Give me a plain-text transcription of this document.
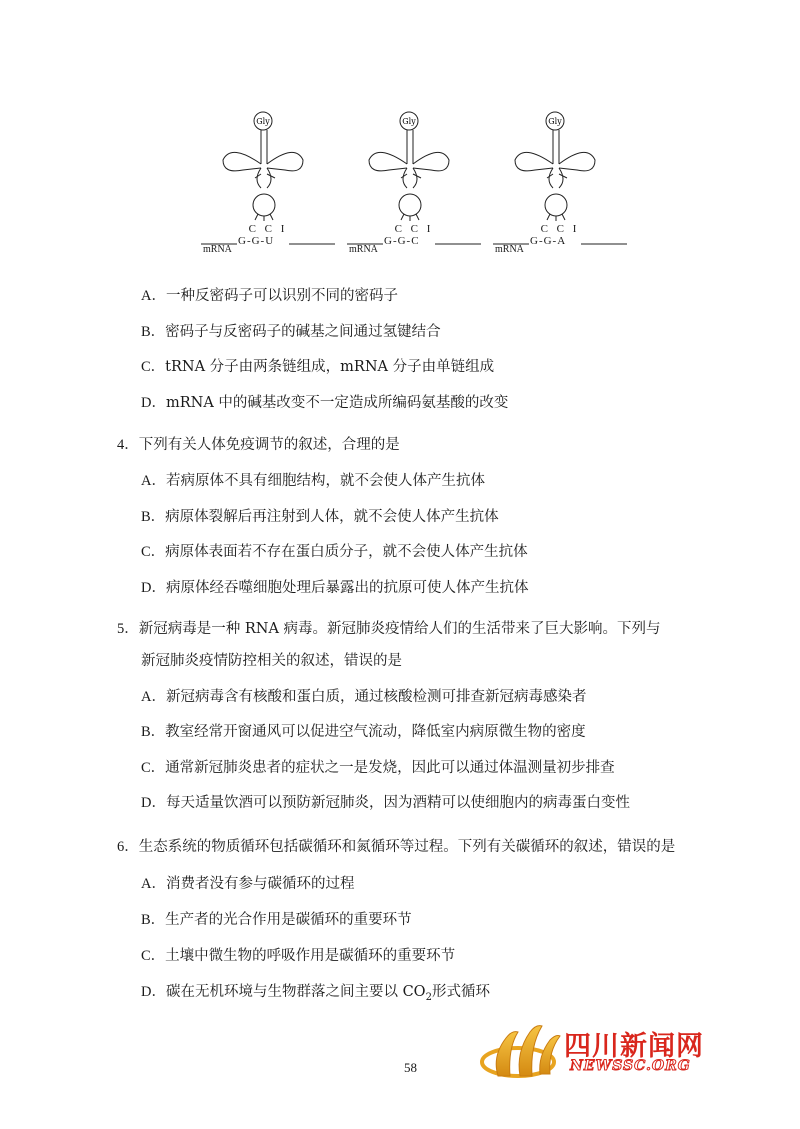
Gly
C C I
mRNA
G-G-U
Gly
C C I
mRNA
G-G-C
Gly
C C I
mRNA
G-G-A
A．一种反密码子可以识别不同的密码子
B．密码子与反密码子的碱基之间通过氢键结合
C．tRNA 分子由两条链组成，mRNA 分子由单链组成
D．mRNA 中的碱基改变不一定造成所编码氨基酸的改变
4．下列有关人体免疫调节的叙述，合理的是
A．若病原体不具有细胞结构，就不会使人体产生抗体
B．病原体裂解后再注射到人体，就不会使人体产生抗体
C．病原体表面若不存在蛋白质分子，就不会使人体产生抗体
D．病原体经吞噬细胞处理后暴露出的抗原可使人体产生抗体
5．新冠病毒是一种 RNA 病毒。新冠肺炎疫情给人们的生活带来了巨大影响。下列与
新冠肺炎疫情防控相关的叙述，错误的是
A．新冠病毒含有核酸和蛋白质，通过核酸检测可排查新冠病毒感染者
B．教室经常开窗通风可以促进空气流动，降低室内病原微生物的密度
C．通常新冠肺炎患者的症状之一是发烧，因此可以通过体温测量初步排查
D．每天适量饮酒可以预防新冠肺炎，因为酒精可以使细胞内的病毒蛋白变性
6．生态系统的物质循环包括碳循环和氮循环等过程。下列有关碳循环的叙述，错误的是
A．消费者没有参与碳循环的过程
B．生产者的光合作用是碳循环的重要环节
C．土壤中微生物的呼吸作用是碳循环的重要环节
D．碳在无机环境与生物群落之间主要以 $CO_2$形式循环
58
四川新闻网
NEWSSC.ORG
